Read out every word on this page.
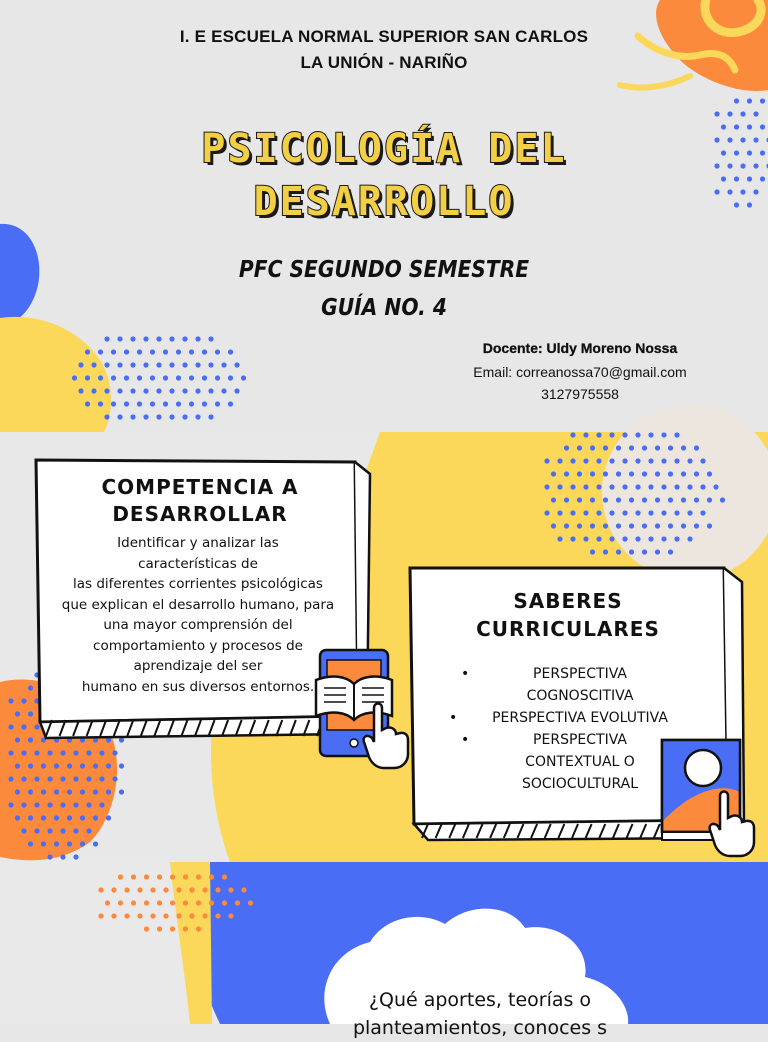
I. E ESCUELA NORMAL SUPERIOR SAN CARLOS
LA UNIÓN - NARIÑO
PSICOLOGÍA DEL
DESARROLLO
PFC SEGUNDO SEMESTRE
GUÍA NO. 4
Docente: Uldy Moreno Nossa
Email: correanossa70@gmail.com
3127975558
COMPETENCIA A
DESARROLLAR
Identificar y analizar las
características de
las diferentes corrientes psicológicas
que explican el desarrollo humano, para
una mayor comprensión del
comportamiento y procesos de
aprendizaje del ser
humano en sus diversos entornos.
SABERES
CURRICULARES
•	PERSPECTIVA
COGNOSCITIVA
• PERSPECTIVA EVOLUTIVA
•	PERSPECTIVA
CONTEXTUAL O
SOCIOCULTURAL
¿Qué aportes, teorías o
planteamientos, conoces s
